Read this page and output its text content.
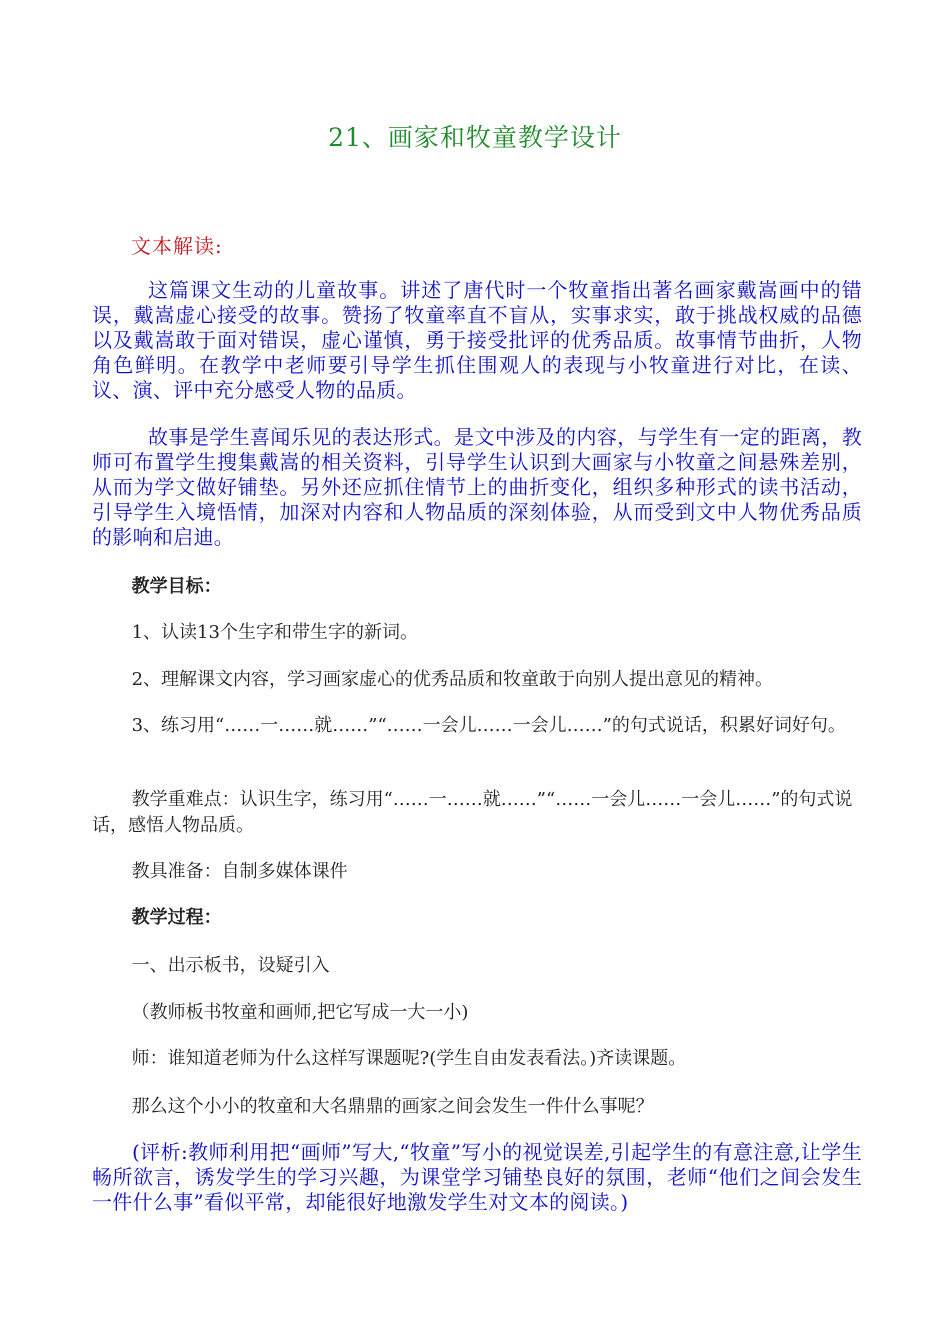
21、画家和牧童教学设计
文本解读:
这篇课文生动的儿童故事。讲述了唐代时一个牧童指出著名画家戴嵩画中的错误，戴嵩虚心接受的故事。赞扬了牧童率直不盲从，实事求实，敢于挑战权威的品德以及戴嵩敢于面对错误，虚心谨慎，勇于接受批评的优秀品质。故事情节曲折，人物角色鲜明。在教学中老师要引导学生抓住围观人的表现与小牧童进行对比，在读、议、演、评中充分感受人物的品质。
故事是学生喜闻乐见的表达形式。是文中涉及的内容，与学生有一定的距离，教师可布置学生搜集戴嵩的相关资料，引导学生认识到大画家与小牧童之间悬殊差别，从而为学文做好铺垫。另外还应抓住情节上的曲折变化，组织多种形式的读书活动，引导学生入境悟情，加深对内容和人物品质的深刻体验，从而受到文中人物优秀品质的影响和启迪。
教学目标：
1、认读13个生字和带生字的新词。
2、理解课文内容，学习画家虚心的优秀品质和牧童敢于向别人提出意见的精神。
3、练习用“……一……就……”“……一会儿……一会儿……”的句式说话，积累好词好句。
教学重难点：认识生字，练习用“……一……就……”“……一会儿……一会儿……”的句式说话，感悟人物品质。
教具准备：自制多媒体课件
教学过程：
一、出示板书，设疑引入
（教师板书牧童和画师,把它写成一大一小)
师：谁知道老师为什么这样写课题呢?(学生自由发表看法。)齐读课题。
那么这个小小的牧童和大名鼎鼎的画家之间会发生一件什么事呢？
(评析:教师利用把“画师”写大,“牧童”写小的视觉误差,引起学生的有意注意,让学生畅所欲言，诱发学生的学习兴趣，为课堂学习铺垫良好的氛围，老师“他们之间会发生一件什么事”看似平常，却能很好地激发学生对文本的阅读。)
